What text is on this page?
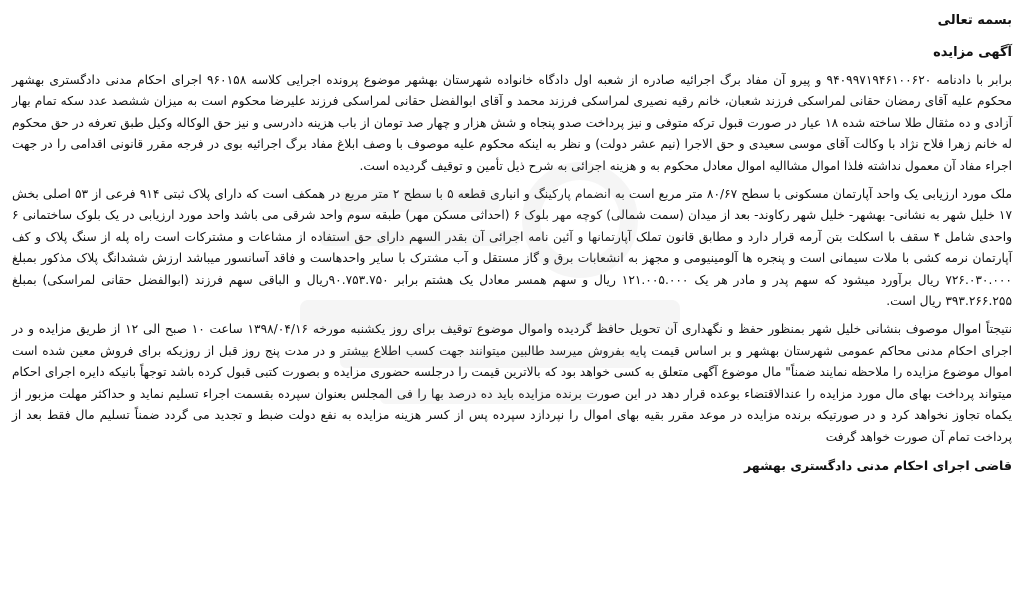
بسمه تعالی
آگهی مزایده

برابر با دادنامه ۹۴۰۹۹۷۱۹۴۶۱۰۰۶۲۰ و پیرو آن مفاد برگ اجرائیه صادره از شعبه اول دادگاه خانواده شهرستان بهشهر موضوع پرونده اجرایی کلاسه ۹۶۰۱۵۸ اجرای احکام مدنی دادگستری بهشهر محکوم علیه آقای رمضان حقانی لمراسکی فرزند شعبان، خانم رقیه نصیری لمراسکی فرزند محمد و آقای ابوالفضل حقانی لمراسکی فرزند علیرضا محکوم است به میزان ششصد عدد سکه تمام بهار آزادی و ده مثقال طلا ساخته شده ۱۸ عیار در صورت قبول ترکه متوفی و نیز پرداخت صدو پنجاه و شش هزار و چهار صد تومان از باب هزینه دادرسی و نیز حق الوکاله وکیل طبق تعرفه در حق محکوم له خانم زهرا فلاح نژاد با وکالت آقای موسی سعیدی و حق الاجرا (نیم عشر دولت) و نظر به اینکه محکوم علیه موصوف با وصف ابلاغ مفاد برگ اجرائیه بوی در فرجه مقرر قانونی اقدامی را در جهت اجراء مفاد آن معمول نداشته فلذا اموال مشاالیه اموال معادل محکوم به و هزینه اجرائی به شرح ذیل تأمین و توقیف گردیده است.

ملک مورد ارزیابی یک واحد آپارتمان مسکونی با سطح ۸۰/۶۷ متر مربع است به انضمام پارکینگ و انباری قطعه ۵ با سطح ۲ متر مربع در همکف است که دارای پلاک ثبتی ۹۱۴ فرعی از ۵۳ اصلی بخش ۱۷ خلیل شهر به نشانی- بهشهر- خلیل شهر رکاوند- بعد از میدان (سمت شمالی) کوچه مهر بلوک ۶ (احداثی مسکن مهر) طبقه سوم واحد شرقی می باشد واحد مورد ارزیابی در یک بلوک ساختمانی ۶ واحدی شامل ۴ سقف با اسکلت بتن آرمه قرار دارد و مطابق قانون تملک آپارتمانها و آئین نامه اجرائی آن بقدر السهم دارای حق استفاده از مشاعات و مشترکات است راه پله از سنگ پلاک و کف آپارتمان نرمه کشی با ملات سیمانی است و پنجره ها آلومینیومی و مجهز به انشعابات برق و گاز مستقل و آب مشترک با سایر واحدهاست و فاقد آسانسور میباشد ارزش ششدانگ پلاک مذکور بمبلغ ۷۲۶.۰۳۰.۰۰۰ ریال برآورد میشود که سهم پدر و مادر هر یک ۱۲۱.۰۰۵.۰۰۰ ریال و سهم همسر معادل یک هشتم برابر ۹۰.۷۵۳.۷۵۰ریال و الباقی سهم فرزند (ابوالفضل حقانی لمراسکی) بمبلغ ۳۹۳.۲۶۶.۲۵۵ ریال است.

نتیجتاً اموال موصوف بنشانی خلیل شهر بمنظور حفظ و نگهداری آن تحویل حافظ گردیده واموال موضوع توقیف برای روز یکشنبه مورخه ۱۳۹۸/۰۴/۱۶ ساعت ۱۰ صبح الی ۱۲ از طریق مزایده و در اجرای احکام مدنی محاکم عمومی شهرستان بهشهر و بر اساس قیمت پایه بفروش میرسد طالبین میتوانند جهت کسب اطلاع بیشتر و در مدت پنج روز قبل از روزیکه برای فروش معین شده است اموال موضوع مزایده را ملاحظه نمایند ضمناً" مال موضوع آگهی متعلق به کسی خواهد بود که بالاترین قیمت را درجلسه حضوری مزایده و بصورت کتبی قبول کرده باشد توجهاً بانیکه دایره اجرای احکام میتواند پرداخت بهای مال مورد مزایده را عندالاقتضاء بوعده قرار دهد در این صورت برنده مزایده باید ده درصد بها را فی المجلس بعنوان سپرده بقسمت اجراء تسلیم نماید و حداکثر مهلت مزبور از یکماه تجاوز نخواهد کرد و در صورتیکه برنده مزایده در موعد مقرر بقیه بهای اموال را نپردازد سپرده پس از کسر هزینه مزایده به نفع دولت ضبط و تجدید می گردد ضمناً تسلیم مال فقط بعد از پرداخت تمام آن صورت خواهد گرفت

قاضی اجرای احکام مدنی دادگستری بهشهر
